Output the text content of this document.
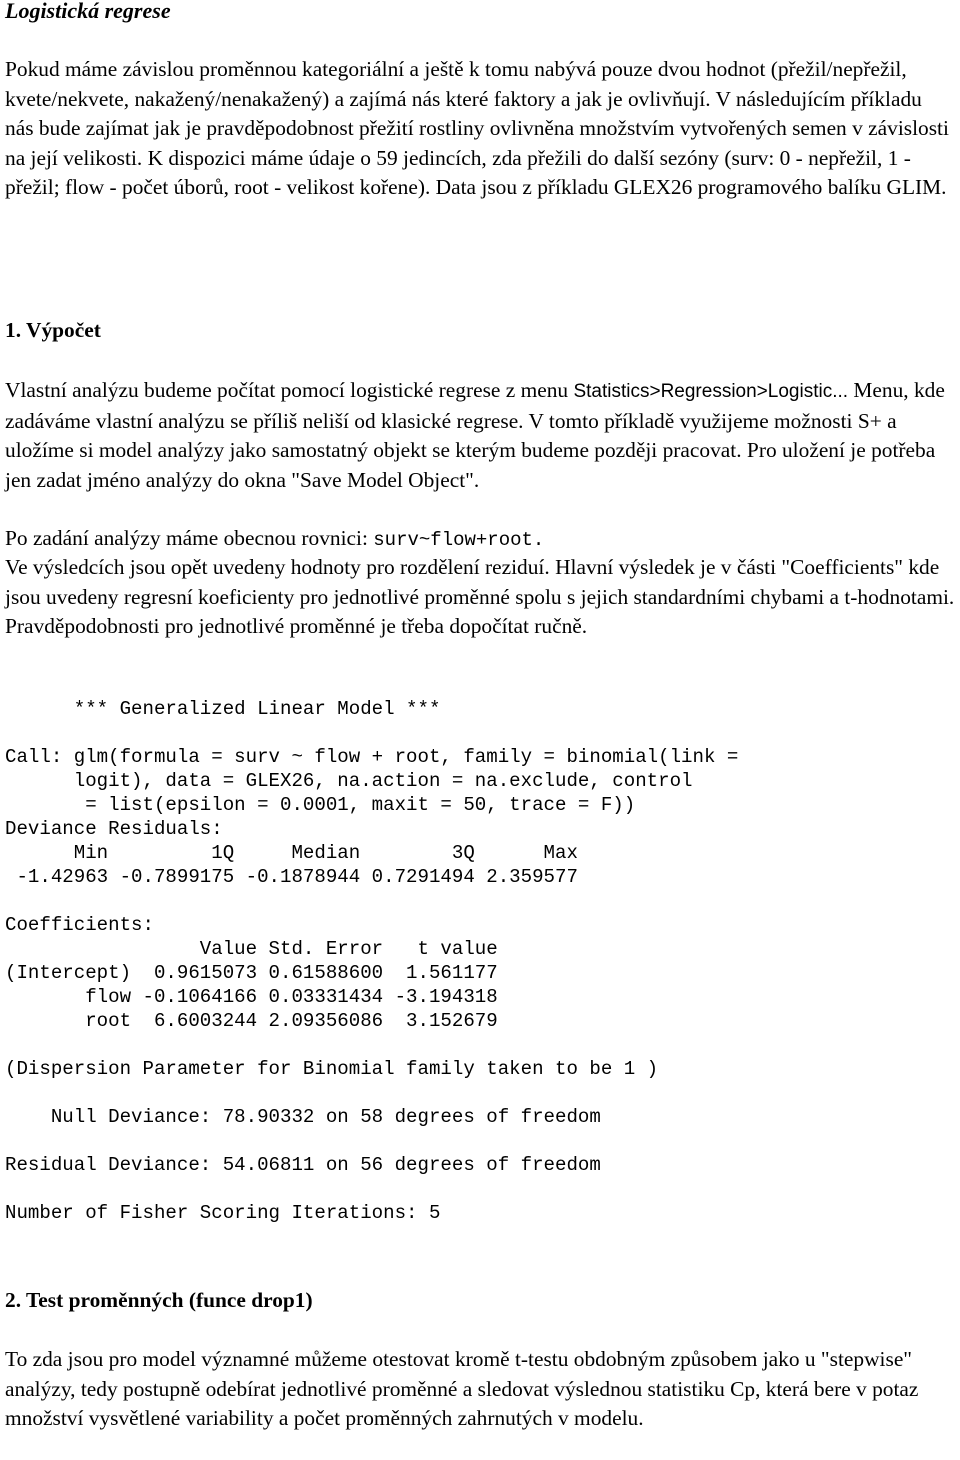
Logistická regrese
Pokud máme závislou proměnnou kategoriální a ještě k tomu nabývá pouze dvou hodnot (přežil/nepřežil, kvete/nekvete, nakažený/nenakažený) a zajímá nás které faktory a jak je ovlivňují. V následujícím příkladu nás bude zajímat jak je pravděpodobnost přežití rostliny ovlivněna množstvím vytvořených semen v závislosti na její velikosti. K dispozici máme údaje o 59 jedincích, zda přežili do další sezóny (surv: 0 - nepřežil, 1 - přežil; flow - počet úborů, root - velikost kořene). Data jsou z příkladu GLEX26 programového balíku GLIM.
1. Výpočet
Vlastní analýzu budeme počítat pomocí logistické regrese z menu Statistics>Regression>Logistic... Menu, kde zadáváme vlastní analýzu se příliš neliší od klasické regrese. V tomto příkladě využijeme možnosti S+ a uložíme si model analýzy jako samostatný objekt se kterým budeme později pracovat. Pro uložení je potřeba jen zadat jméno analýzy do okna "Save Model Object".
Po zadání analýzy máme obecnou rovnici: surv~flow+root.
Ve výsledcích jsou opět uvedeny hodnoty pro rozdělení reziduí. Hlavní výsledek je v části "Coefficients" kde jsou uvedeny regresní koeficienty pro jednotlivé proměnné spolu s jejich standardními chybami a t-hodnotami. Pravděpodobnosti pro jednotlivé proměnné je třeba dopočítat ručně.
*** Generalized Linear Model ***
Call: glm(formula = surv ~ flow + root, family = binomial(link =
logit), data = GLEX26, na.action = na.exclude, control
= list(epsilon = 0.0001, maxit = 50, trace = F))
Deviance Residuals:
Min         1Q     Median        3Q      Max
-1.42963 -0.7899175 -0.1878944 0.7291494 2.359577
Coefficients:
Value Std. Error   t value
(Intercept)  0.9615073 0.61588600  1.561177
flow -0.1064166 0.03331434 -3.194318
root  6.6003244 2.09356086  3.152679
(Dispersion Parameter for Binomial family taken to be 1 )
Null Deviance: 78.90332 on 58 degrees of freedom
Residual Deviance: 54.06811 on 56 degrees of freedom
Number of Fisher Scoring Iterations: 5
2. Test proměnných (funce drop1)
To zda jsou pro model významné můžeme otestovat kromě t-testu obdobným způsobem jako u "stepwise" analýzy, tedy postupně odebírat jednotlivé proměnné a sledovat výslednou statistiku Cp, která bere v potaz množství vysvětlené variability a počet proměnných zahrnutých v modelu.
